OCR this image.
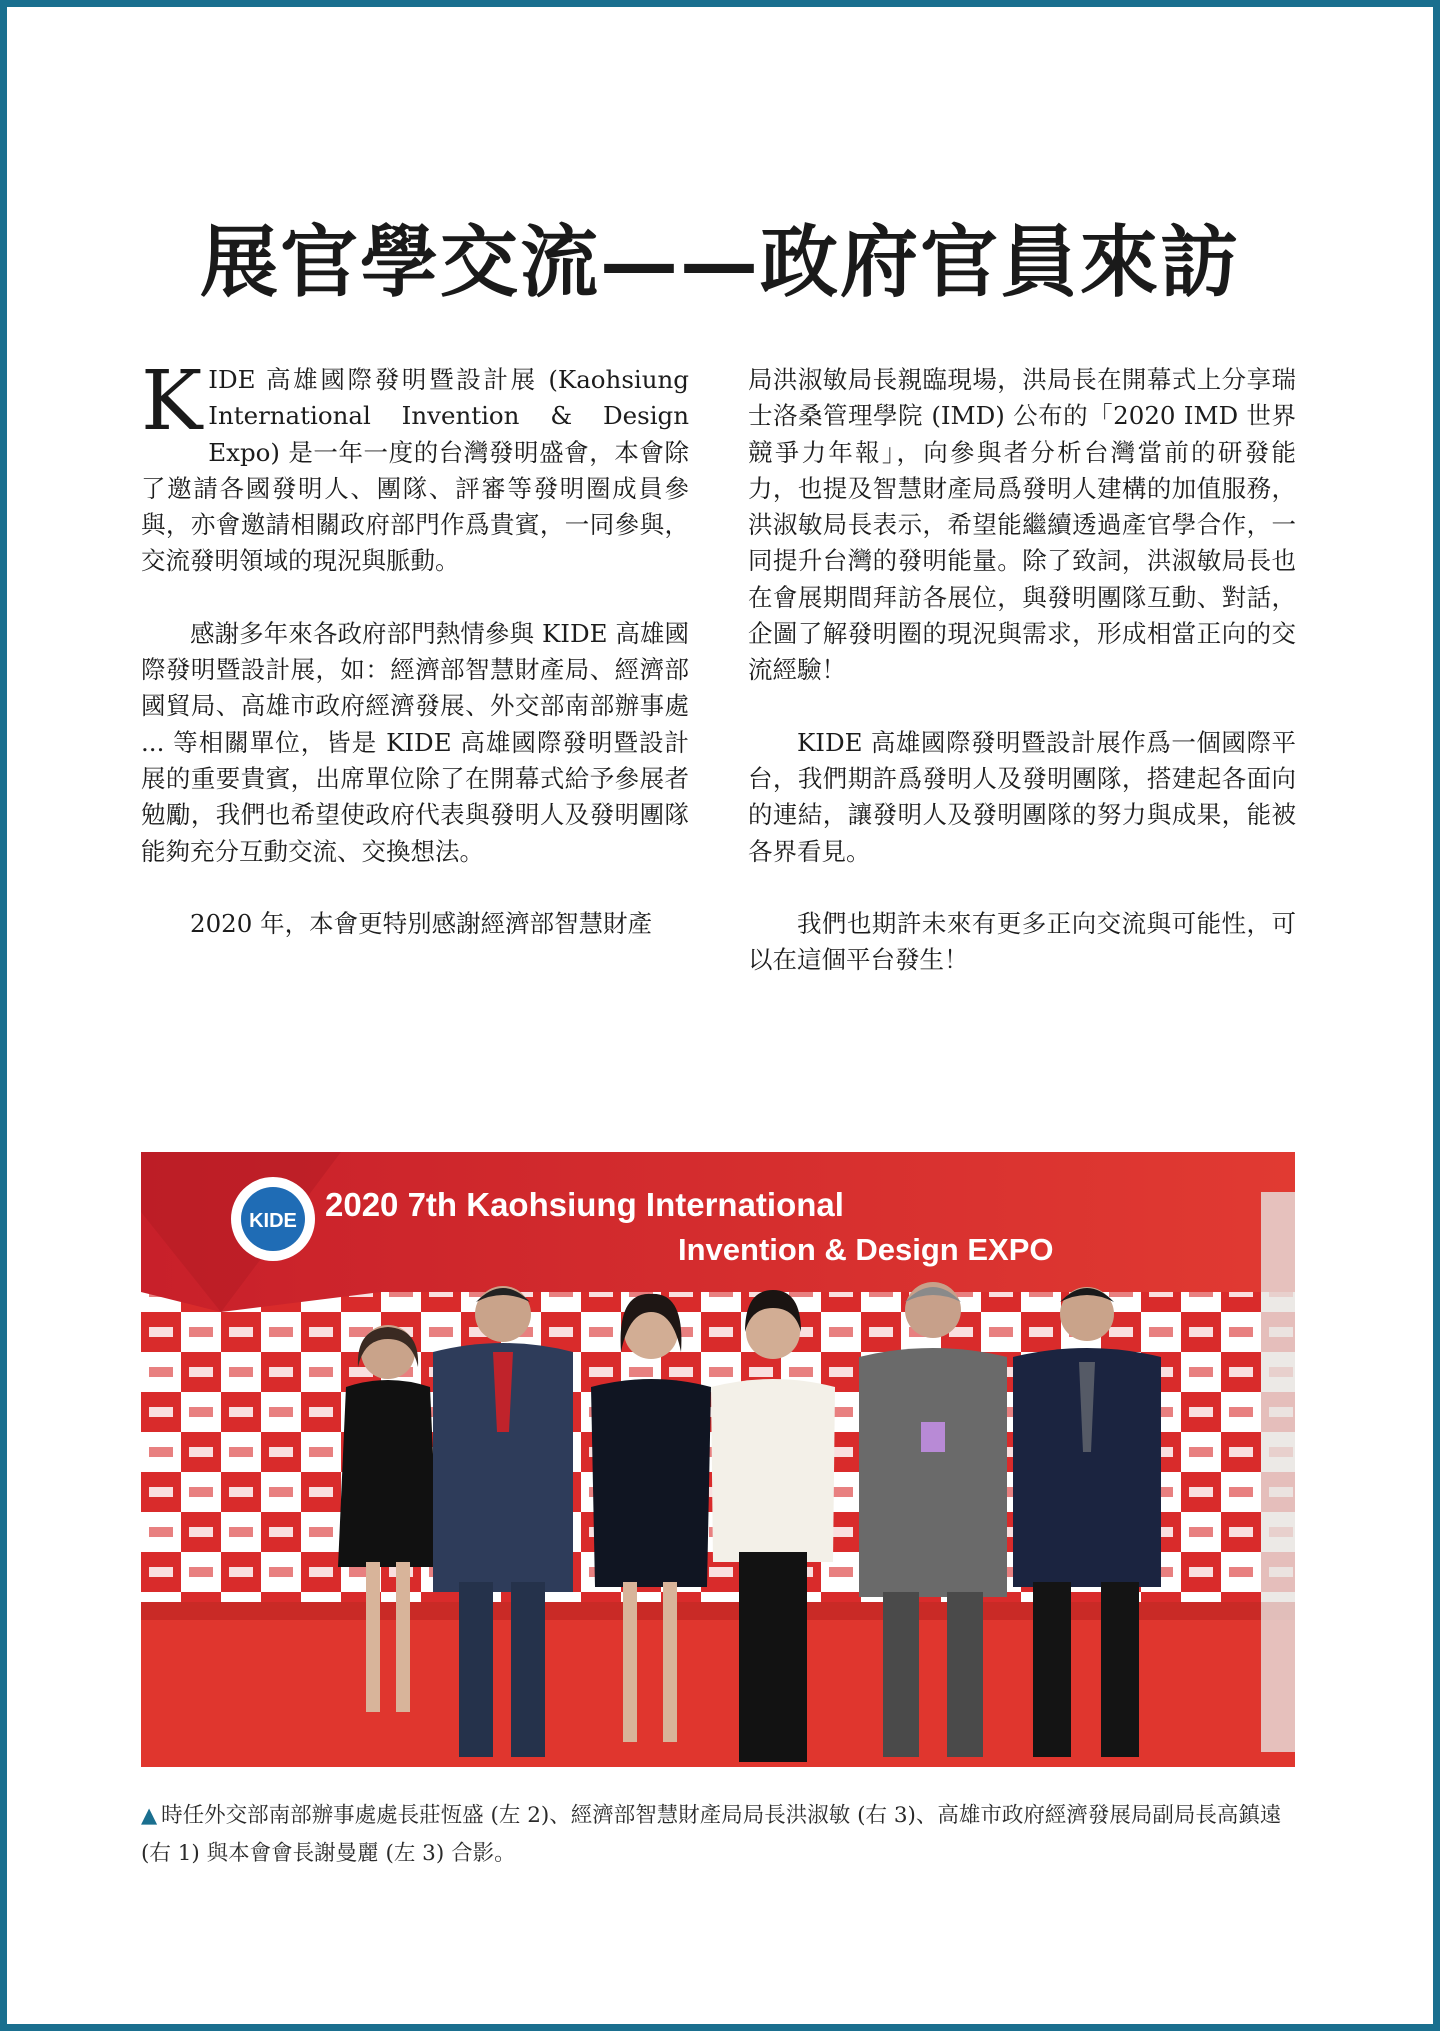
展官學交流——政府官員來訪

KIDE 高雄國際發明暨設計展 (Kaohsiung International Invention & Design Expo) 是一年一度的台灣發明盛會，本會除了邀請各國發明人、團隊、評審等發明圈成員參與，亦會邀請相關政府部門作爲貴賓，一同參與，交流發明領域的現況與脈動。

感謝多年來各政府部門熱情參與 KIDE 高雄國際發明暨設計展，如：經濟部智慧財產局、經濟部國貿局、高雄市政府經濟發展、外交部南部辦事處 ... 等相關單位，皆是 KIDE 高雄國際發明暨設計展的重要貴賓，出席單位除了在開幕式給予參展者勉勵，我們也希望使政府代表與發明人及發明團隊能夠充分互動交流、交換想法。

2020 年，本會更特別感謝經濟部智慧財產

局洪淑敏局長親臨現場，洪局長在開幕式上分享瑞士洛桑管理學院 (IMD) 公布的「2020 IMD 世界競爭力年報」，向參與者分析台灣當前的研發能力，也提及智慧財產局爲發明人建構的加值服務，洪淑敏局長表示，希望能繼續透過產官學合作，一同提升台灣的發明能量。除了致詞，洪淑敏局長也在會展期間拜訪各展位，與發明團隊互動、對話，企圖了解發明圈的現況與需求，形成相當正向的交流經驗！

KIDE 高雄國際發明暨設計展作爲一個國際平台，我們期許爲發明人及發明團隊，搭建起各面向的連結，讓發明人及發明團隊的努力與成果，能被各界看見。

我們也期許未來有更多正向交流與可能性，可以在這個平台發生！

KIDE 2020 7th Kaohsiung International
Invention & Design EXPO
▲ 時任外交部南部辦事處處長莊恆盛 (左 2)、經濟部智慧財產局局長洪淑敏 (右 3)、高雄市政府經濟發展局副局長高鎮遠 (右 1) 與本會會長謝曼麗 (左 3) 合影。
